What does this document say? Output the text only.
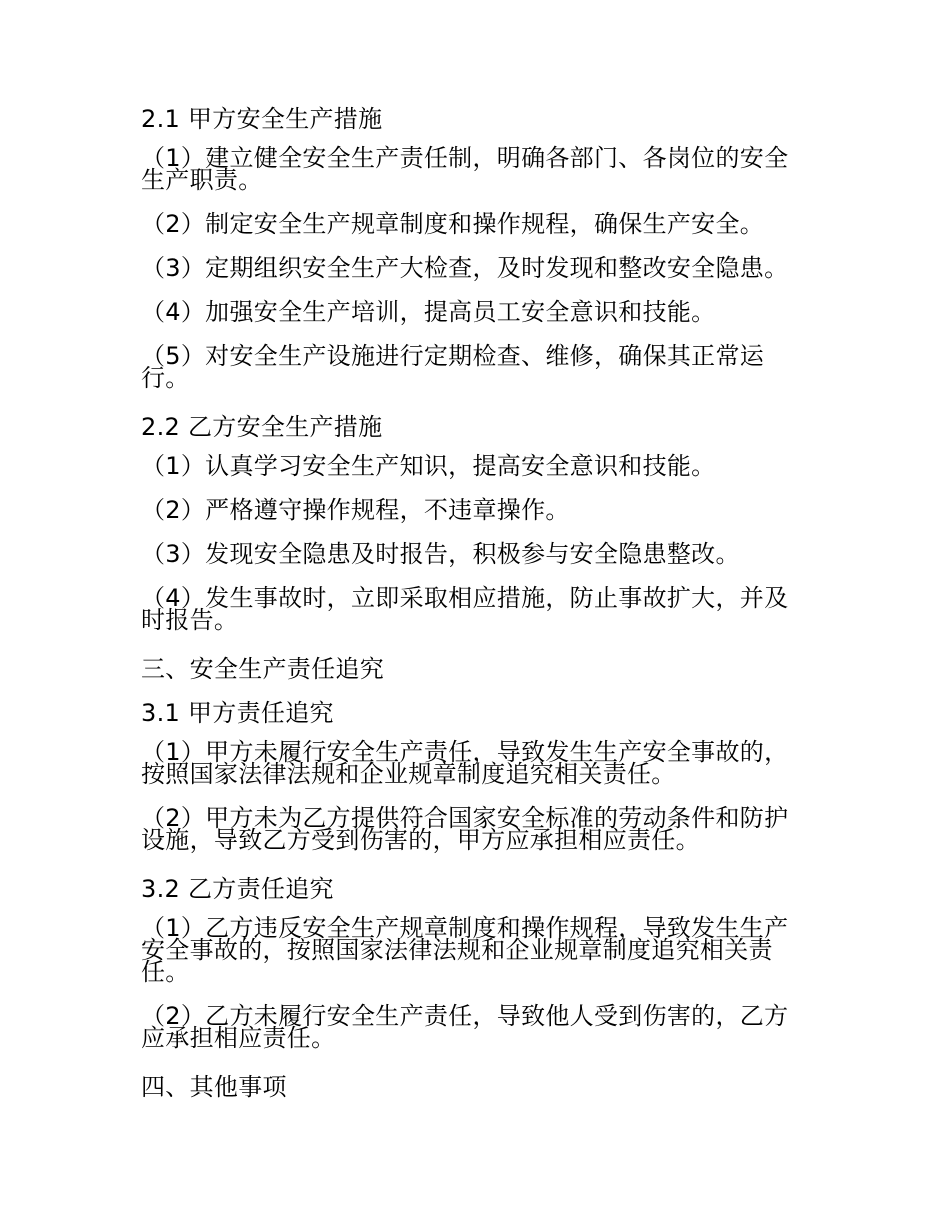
2.1 甲方安全生产措施

（1）建立健全安全生产责任制，明确各部门、各岗位的安全生产职责。

（2）制定安全生产规章制度和操作规程，确保生产安全。

（3）定期组织安全生产大检查，及时发现和整改安全隐患。

（4）加强安全生产培训，提高员工安全意识和技能。

（5）对安全生产设施进行定期检查、维修，确保其正常运行。

2.2 乙方安全生产措施

（1）认真学习安全生产知识，提高安全意识和技能。

（2）严格遵守操作规程，不违章操作。

（3）发现安全隐患及时报告，积极参与安全隐患整改。

（4）发生事故时，立即采取相应措施，防止事故扩大，并及时报告。

三、安全生产责任追究

3.1 甲方责任追究

（1）甲方未履行安全生产责任，导致发生生产安全事故的，按照国家法律法规和企业规章制度追究相关责任。

（2）甲方未为乙方提供符合国家安全标准的劳动条件和防护设施，导致乙方受到伤害的，甲方应承担相应责任。

3.2 乙方责任追究

（1）乙方违反安全生产规章制度和操作规程，导致发生生产安全事故的，按照国家法律法规和企业规章制度追究相关责任。

（2）乙方未履行安全生产责任，导致他人受到伤害的，乙方应承担相应责任。

四、其他事项
